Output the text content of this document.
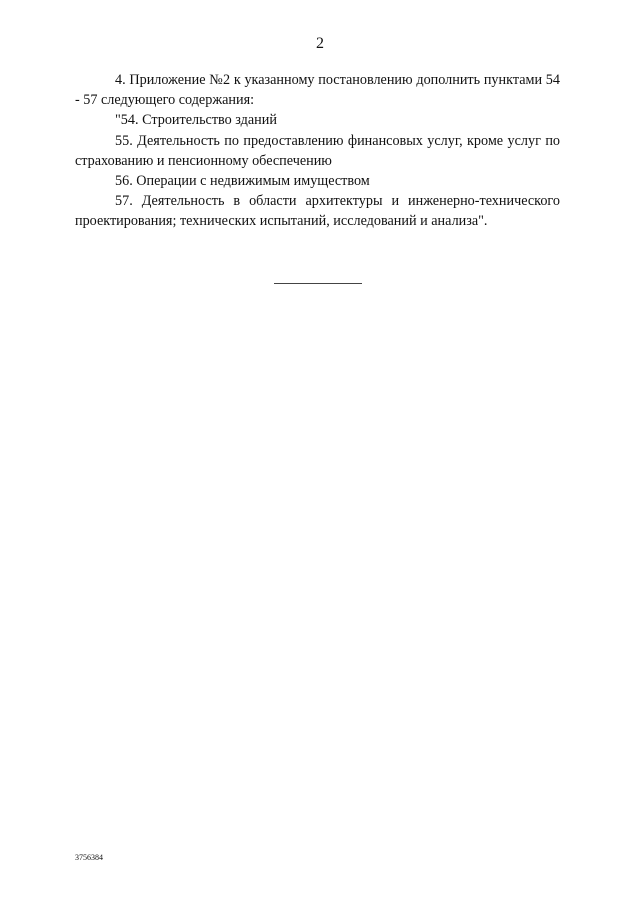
2

4. Приложение №2 к указанному постановлению дополнить пунктами 54 - 57 следующего содержания:

"54. Строительство зданий

55. Деятельность по предоставлению финансовых услуг, кроме услуг по страхованию и пенсионному обеспечению

56. Операции с недвижимым имуществом

57. Деятельность в области архитектуры и инженерно-технического проектирования; технических испытаний, исследований и анализа".

3756384
